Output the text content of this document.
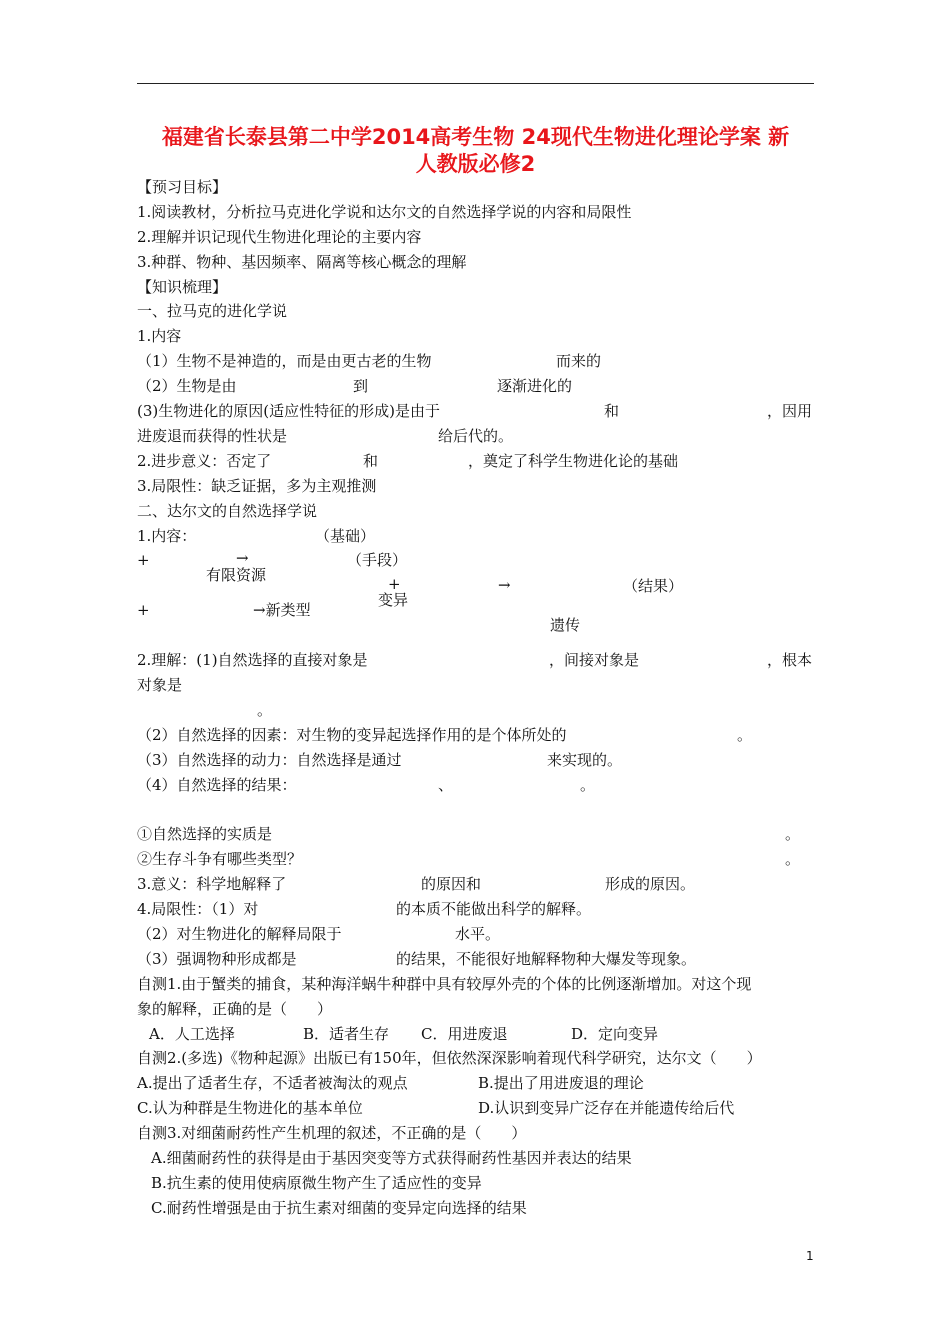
福建省长泰县第二中学2014高考生物 24现代生物进化理论学案 新
人教版必修2
【预习目标】
1.阅读教材，分析拉马克进化学说和达尔文的自然选择学说的内容和局限性
2.理解并识记现代生物进化理论的主要内容
3.种群、物种、基因频率、隔离等核心概念的理解
【知识梳理】
一、拉马克的进化学说
1.内容
（1）生物不是神造的，而是由更古老的生物	而来的
（2）生物是由	到	逐渐进化的
(3)生物进化的原因(适应性特征的形成)是由于	和	，因用
进废退而获得的性状是	给后代的。
2.进步意义：否定了	和	，奠定了科学生物进化论的基础
3.局限性：缺乏证据，多为主观推测
二、达尔文的自然选择学说
1.内容：	（基础）
+	→	（手段）
有限资源	+	→	（结果）
变异
+	→新类型
遗传
2.理解：(1)自然选择的直接对象是	，间接对象是	，根本
对象是
。
（2）自然选择的因素：对生物的变异起选择作用的是个体所处的	。
（3）自然选择的动力：自然选择是通过	来实现的。
（4）自然选择的结果：	、	。
①自然选择的实质是	。
②生存斗争有哪些类型？	。
3.意义：科学地解释了	的原因和	形成的原因。
4.局限性：（1）对	的本质不能做出科学的解释。
（2）对生物进化的解释局限于	水平。
（3）强调物种形成都是	的结果，不能很好地解释物种大爆发等现象。
自测1.由于蟹类的捕食，某种海洋蜗牛种群中具有较厚外壳的个体的比例逐渐增加。对这个现
象的解释，正确的是（　　）
A．人工选择	B．适者生存 C．用进废退	D．定向变异
自测2.(多选)《物种起源》出版已有150年，但依然深深影响着现代科学研究，达尔文（　　）
A.提出了适者生存，不适者被淘汰的观点	B.提出了用进废退的理论
C.认为种群是生物进化的基本单位	D.认识到变异广泛存在并能遗传给后代
自测3.对细菌耐药性产生机理的叙述，不正确的是（　　）
A.细菌耐药性的获得是由于基因突变等方式获得耐药性基因并表达的结果
B.抗生素的使用使病原微生物产生了适应性的变异
C.耐药性增强是由于抗生素对细菌的变异定向选择的结果
1
